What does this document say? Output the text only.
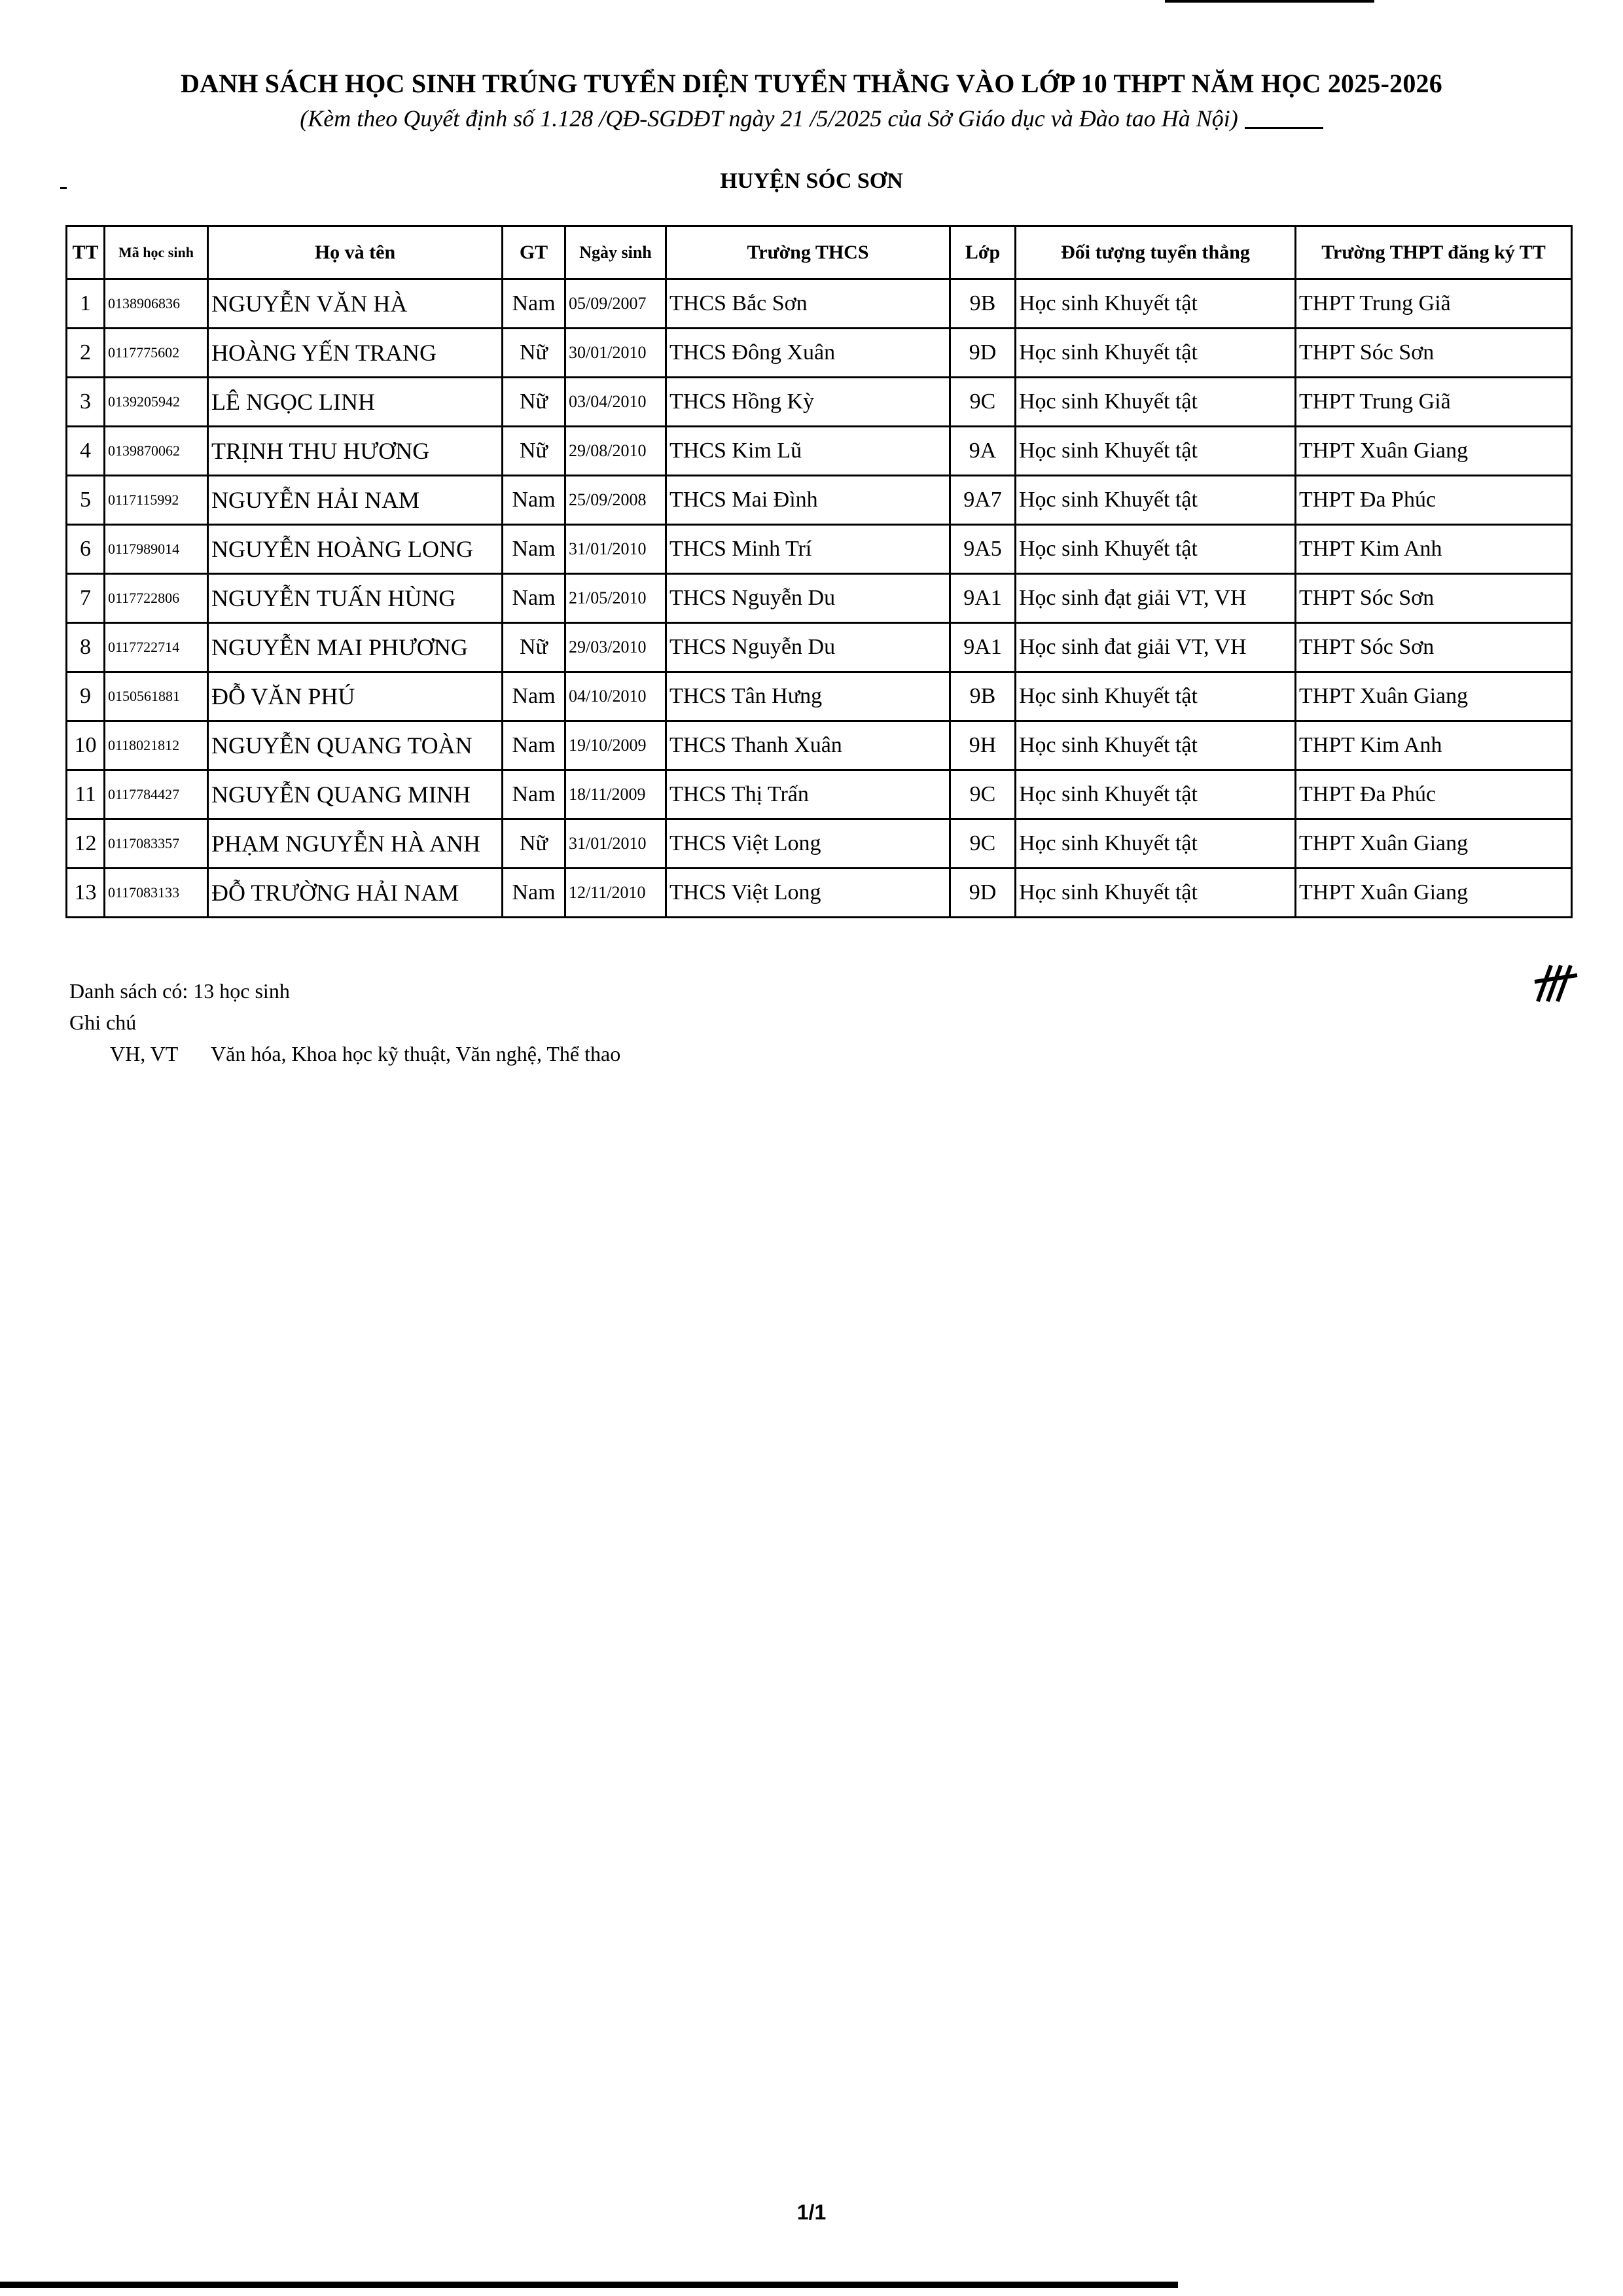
DANH SÁCH HỌC SINH TRÚNG TUYỂN DIỆN TUYỂN THẲNG VÀO LỚP 10 THPT NĂM HỌC 2025-2026
(Kèm theo Quyết định số 1.128 /QĐ-SGDĐT ngày 21 /5/2025 của Sở Giáo dục và Đào tao Hà Nội)
HUYỆN SÓC SƠN
TT	Mã học sinh	Họ và tên	GT	Ngày sinh	Trường THCS	Lớp	Đối tượng tuyển thẳng	Trường THPT đăng ký TT
1	0138906836	NGUYỄN VĂN HÀ	Nam	05/09/2007	THCS Bắc Sơn	9B	Học sinh Khuyết tật	THPT Trung Giã
2	0117775602	HOÀNG YẾN TRANG	Nữ	30/01/2010	THCS Đông Xuân	9D	Học sinh Khuyết tật	THPT Sóc Sơn
3	0139205942	LÊ NGỌC LINH	Nữ	03/04/2010	THCS Hồng Kỳ	9C	Học sinh Khuyết tật	THPT Trung Giã
4	0139870062	TRỊNH THU HƯƠNG	Nữ	29/08/2010	THCS Kim Lũ	9A	Học sinh Khuyết tật	THPT Xuân Giang
5	0117115992	NGUYỄN HẢI NAM	Nam	25/09/2008	THCS Mai Đình	9A7	Học sinh Khuyết tật	THPT Đa Phúc
6	0117989014	NGUYỄN HOÀNG LONG	Nam	31/01/2010	THCS Minh Trí	9A5	Học sinh Khuyết tật	THPT Kim Anh
7	0117722806	NGUYỄN TUẤN HÙNG	Nam	21/05/2010	THCS Nguyễn Du	9A1	Học sinh đạt giải VT, VH	THPT Sóc Sơn
8	0117722714	NGUYỄN MAI PHƯƠNG	Nữ	29/03/2010	THCS Nguyễn Du	9A1	Học sinh đat giải VT, VH	THPT Sóc Sơn
9	0150561881	ĐỖ VĂN PHÚ	Nam	04/10/2010	THCS Tân Hưng	9B	Học sinh Khuyết tật	THPT Xuân Giang
10	0118021812	NGUYỄN QUANG TOÀN	Nam	19/10/2009	THCS Thanh Xuân	9H	Học sinh Khuyết tật	THPT Kim Anh
11	0117784427	NGUYỄN QUANG MINH	Nam	18/11/2009	THCS Thị Trấn	9C	Học sinh Khuyết tật	THPT Đa Phúc
12	0117083357	PHẠM NGUYỄN HÀ ANH	Nữ	31/01/2010	THCS Việt Long	9C	Học sinh Khuyết tật	THPT Xuân Giang
13	0117083133	ĐỖ TRƯỜNG HẢI NAM	Nam	12/11/2010	THCS Việt Long	9D	Học sinh Khuyết tật	THPT Xuân Giang
Danh sách có: 13 học sinh
Ghi chú
VH, VT Văn hóa, Khoa học kỹ thuật, Văn nghệ, Thể thao
1/1
